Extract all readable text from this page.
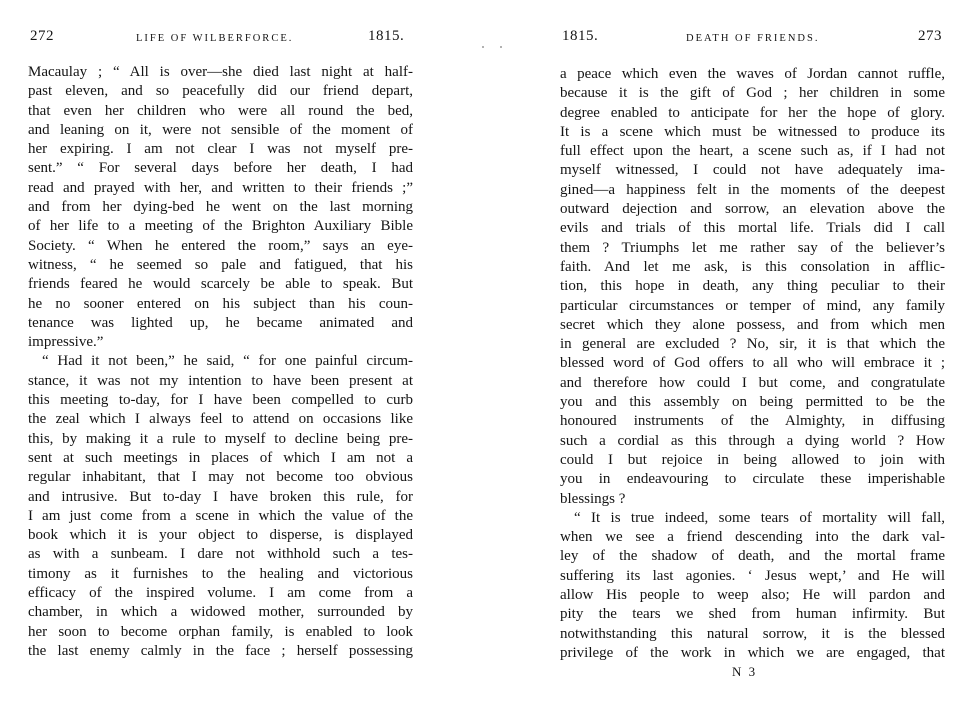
272	LIFE OF WILBERFORCE.	1815.
Macaulay ; “ All is over—she died last night at half-
past eleven, and so peacefully did our friend depart,
that even her children who were all round the bed,
and leaning on it, were not sensible of the moment of
her expiring. I am not clear I was not myself pre-
sent.” “ For several days before her death, I had
read and prayed with her, and written to their friends ;”
and from her dying-bed he went on the last morning
of her life to a meeting of the Brighton Auxiliary Bible
Society. “ When he entered the room,” says an eye-
witness, “ he seemed so pale and fatigued, that his
friends feared he would scarcely be able to speak. But
he no sooner entered on his subject than his coun-
tenance was lighted up, he became animated and
impressive.”
“ Had it not been,” he said, “ for one painful circum-
stance, it was not my intention to have been present at
this meeting to-day, for I have been compelled to curb
the zeal which I always feel to attend on occasions like
this, by making it a rule to myself to decline being pre-
sent at such meetings in places of which I am not a
regular inhabitant, that I may not become too obvious
and intrusive. But to-day I have broken this rule, for
I am just come from a scene in which the value of the
book which it is your object to disperse, is displayed
as with a sunbeam. I dare not withhold such a tes-
timony as it furnishes to the healing and victorious
efficacy of the inspired volume. I am come from a
chamber, in which a widowed mother, surrounded by
her soon to become orphan family, is enabled to look
the last enemy calmly in the face ; herself possessing
1815.	DEATH OF FRIENDS.	273
a peace which even the waves of Jordan cannot ruffle,
because it is the gift of God ; her children in some
degree enabled to anticipate for her the hope of glory.
It is a scene which must be witnessed to produce its
full effect upon the heart, a scene such as, if I had not
myself witnessed, I could not have adequately ima-
gined—a happiness felt in the moments of the deepest
outward dejection and sorrow, an elevation above the
evils and trials of this mortal life. Trials did I call
them ? Triumphs let me rather say of the believer’s
faith. And let me ask, is this consolation in afflic-
tion, this hope in death, any thing peculiar to their
particular circumstances or temper of mind, any family
secret which they alone possess, and from which men
in general are excluded ? No, sir, it is that which the
blessed word of God offers to all who will embrace it ;
and therefore how could I but come, and congratulate
you and this assembly on being permitted to be the
honoured instruments of the Almighty, in diffusing
such a cordial as this through a dying world ? How
could I but rejoice in being allowed to join with
you in endeavouring to circulate these imperishable
blessings ?
“ It is true indeed, some tears of mortality will fall,
when we see a friend descending into the dark val-
ley of the shadow of death, and the mortal frame
suffering its last agonies. ‘ Jesus wept,’ and He will
allow His people to weep also; He will pardon and
pity the tears we shed from human infirmity. But
notwithstanding this natural sorrow, it is the blessed
privilege of the work in which we are engaged, that
N 3
